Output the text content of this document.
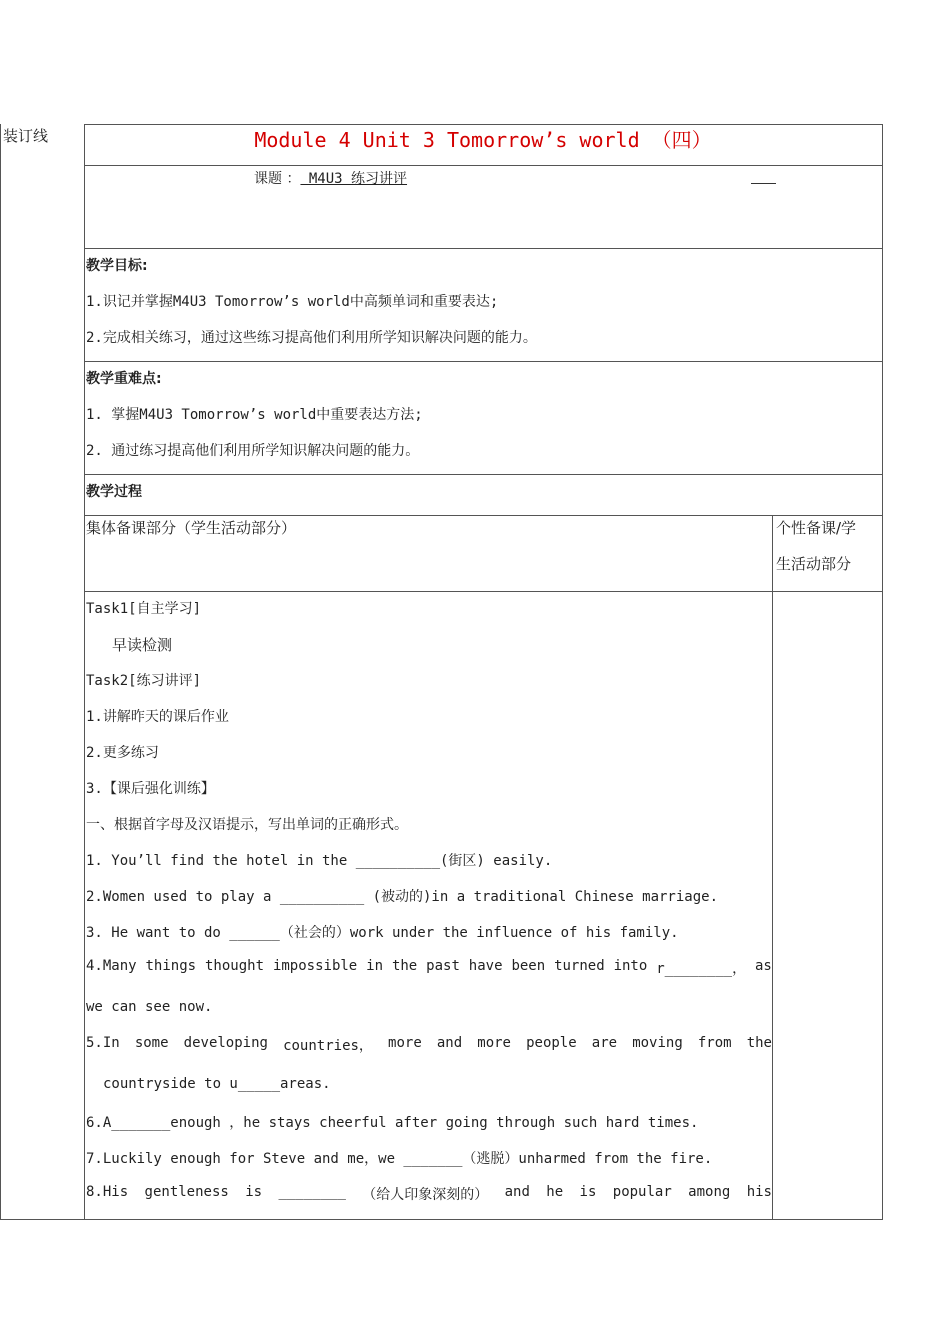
装订线	Module 4 Unit 3 Tomorrow’s world （四）
课题 ： M4U3 练习讲评
教学目标:
1.识记并掌握M4U3 Tomorrow’s world中高频单词和重要表达;
2.完成相关练习，通过这些练习提高他们利用所学知识解决问题的能力。
教学重难点:
1. 掌握M4U3 Tomorrow’s world中重要表达方法;
2. 通过练习提高他们利用所学知识解决问题的能力。
教学过程
集体备课部分（学生活动部分）	个性备课/学
生活动部分
Task1[自主学习]
早读检测
Task2[练习讲评]
1.讲解昨天的课后作业
2.更多练习
3.【课后强化训练】
一、根据首字母及汉语提示，写出单词的正确形式。
1. You’ll find the hotel in the __________(街区) easily.
2.Women used to play a __________ (被动的)in a traditional Chinese marriage.
3. He want to do ______（社会的）work under the influence of his family.
4.Many things thought impossible in the past have been turned into r________， as
we can see now.
5.In some developing countries， more and more people are moving from the
countryside to u_____areas.
6.A_______enough ，he stays cheerful after going through such hard times.
7.Luckily enough for Steve and me，we _______（逃脱）unharmed from the fire.
8.His gentleness is ________ （给人印象深刻的） and he is popular among his
